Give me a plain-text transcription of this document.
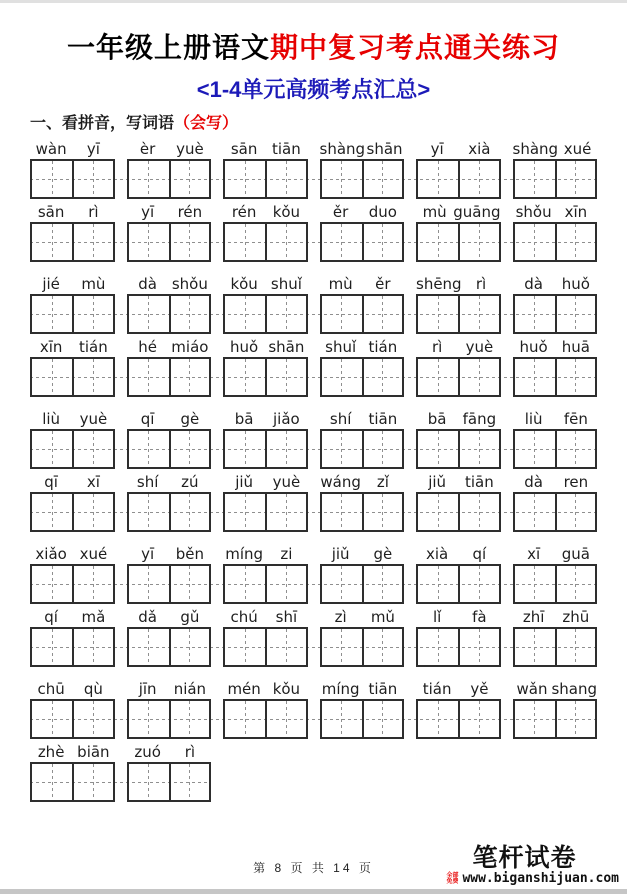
一年级上册语文期中复习考点通关练习
<1-4单元高频考点汇总>
一、看拼音，写词语（会写）
wàn	yī	èr	yuè	sān tiān	shàng shān	yī	xià	shàng xué
sān	rì	yī	rén	rén	kǒu	ěr	duo	mù guāng shǒu xīn
jié	mù	dà shǒu	kǒu shuǐ	mù	ěr	shēng rì	dà	huǒ
xīn	tián	hé miáo	huǒ shān	shuǐ tián	rì	yuè	huǒ huā
liù	yuè	qī	gè	bā	jiǎo	shí	tiān	bā	fāng	liù	fēn
qī	xī	shí	zú	jiǔ	yuè	wáng	zǐ	jiǔ	tiān	dà	ren
xiǎo xué	yī	běn	míng	zi	jiǔ	gè	xià	qí	xī	guā
qí	mǎ	dǎ	gǔ	chú	shī	zì	mǔ	lǐ	fà	zhī	zhū
chū	qù	jīn	nián	mén kǒu	míng tiān	tián	yě	wǎn shang
zhè biān	zuó	rì
第 8 页 共 14 页	笔杆试卷
全部免费 www.biganshijuan.com
